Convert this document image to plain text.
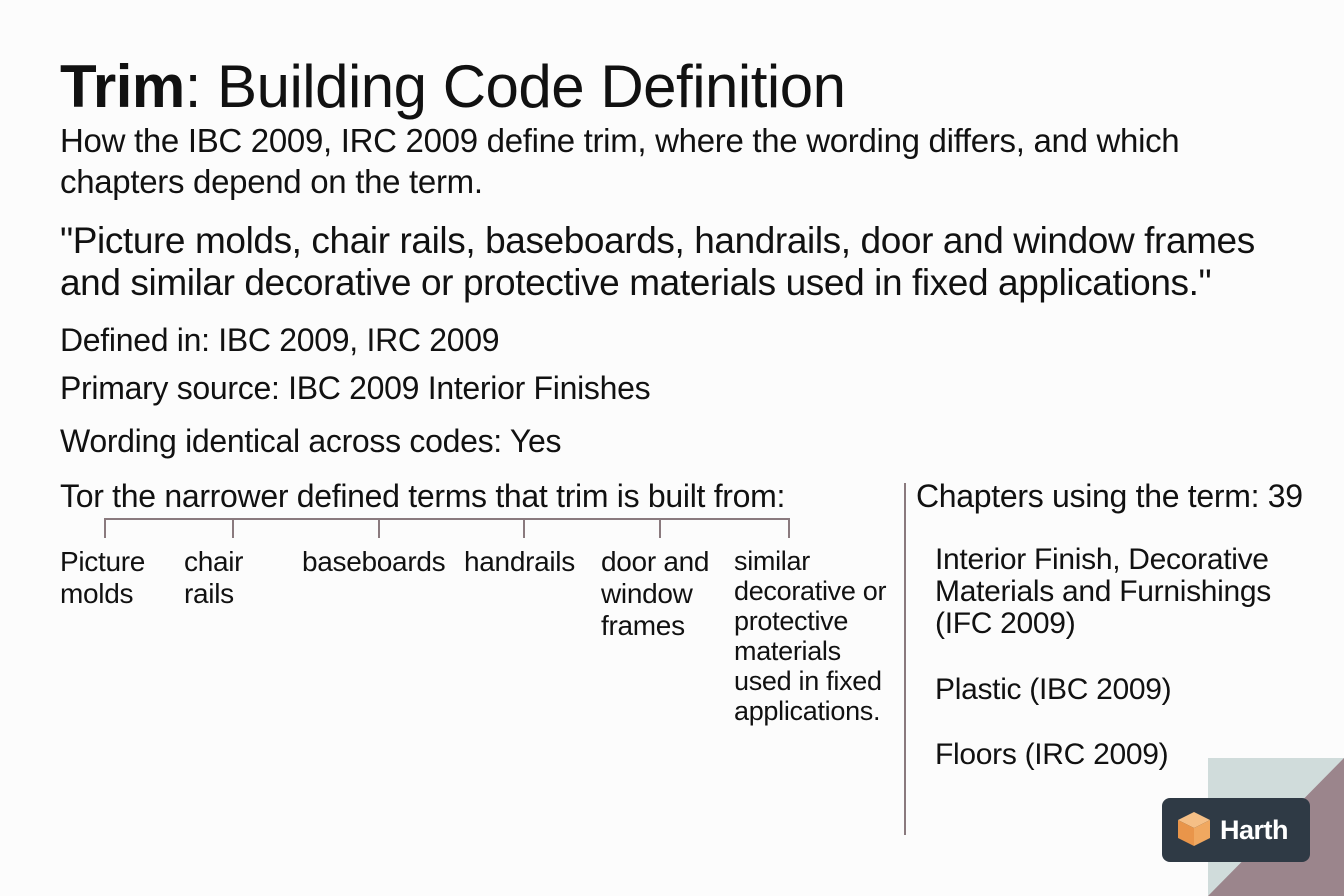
Trim: Building Code Definition
How the IBC 2009, IRC 2009 define trim, where the wording differs, and which chapters depend on the term.
"Picture molds, chair rails, baseboards, handrails, door and window frames and similar decorative or protective materials used in fixed applications."
Defined in: IBC 2009, IRC 2009
Primary source: IBC 2009 Interior Finishes
Wording identical across codes: Yes
Tor the narrower defined terms that trim is built from:
Picture molds
chair rails
baseboards handrails door and window frames
similar decorative or protective materials used in fixed applications.
Chapters using the term: 39
Interior Finish, Decorative Materials and Furnishings (IFC 2009)
Plastic (IBC 2009)
Floors (IRC 2009)
Harth
